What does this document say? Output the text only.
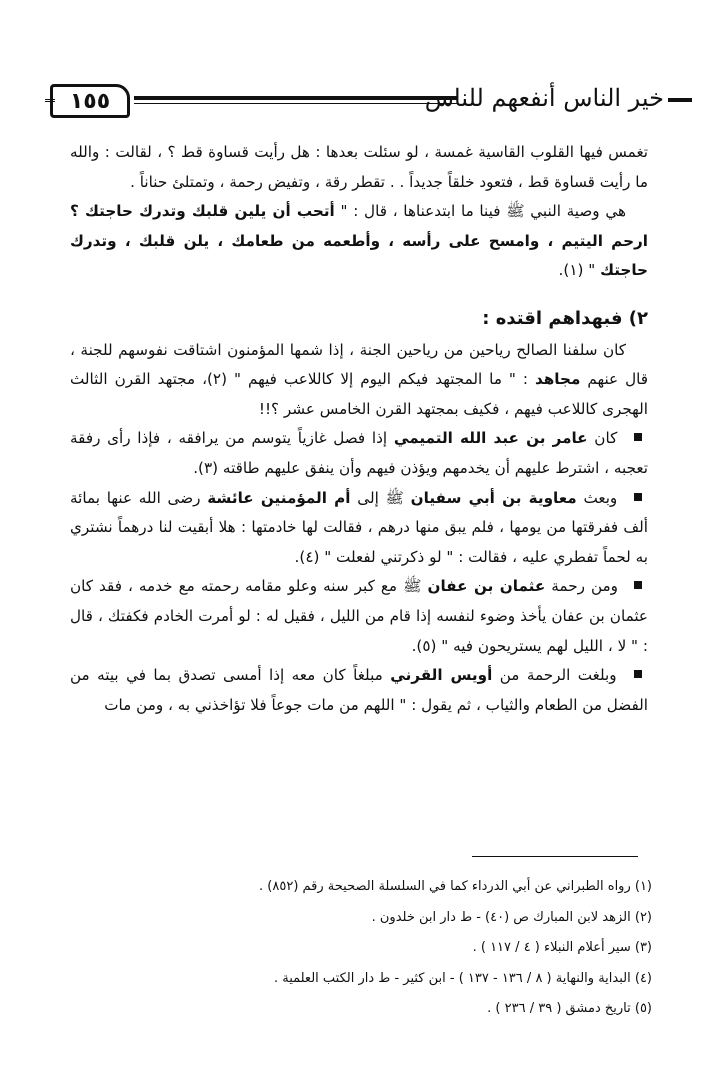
١٥٥	خير الناس أنفعهم للناس

تغمس فيها القلوب القاسية غمسة ، لو سئلت بعدها : هل رأيت قساوة قط ؟ ، لقالت : والله ما رأيت قساوة قط ، فتعود خلقاً جديداً . . تقطر رقة ، وتفيض رحمة ، وتمتلئ حناناً .

هي وصية النبي ﷺ فينا ما ابتدعناها ، قال : " أتحب أن يلين قلبك وتدرك حاجتك ؟ ارحم اليتيم ، وامسح على رأسه ، وأطعمه من طعامك ، يلن قلبك ، وتدرك حاجتك " (١).

٢) فبهداهم اقتده :

كان سلفنا الصالح رياحين من رياحين الجنة ، إذا شمها المؤمنون اشتاقت نفوسهم للجنة ، قال عنهم مجاهد : " ما المجتهد فيكم اليوم إلا كاللاعب فيهم " (٢)، مجتهد القرن الثالث الهجرى كاللاعب فيهم ، فكيف بمجتهد القرن الخامس عشر ؟!!

كان عامر بن عبد الله التميمي إذا فصل غازياً يتوسم من يرافقه ، فإذا رأى رفقة تعجبه ، اشترط عليهم أن يخدمهم ويؤذن فيهم وأن ينفق عليهم طاقته (٣).

وبعث معاوية بن أبي سفيان ﷺ إلى أم المؤمنين عائشة رضى الله عنها بمائة ألف ففرقتها من يومها ، فلم يبق منها درهم ، فقالت لها خادمتها : هلا أبقيت لنا درهماً نشتري به لحماً تفطري عليه ، فقالت : " لو ذكرتني لفعلت " (٤).

ومن رحمة عثمان بن عفان ﷺ مع كبر سنه وعلو مقامه رحمته مع خدمه ، فقد كان عثمان بن عفان يأخذ وضوء لنفسه إذا قام من الليل ، فقيل له : لو أمرت الخادم فكفتك ، قال : " لا ، الليل لهم يستريحون فيه " (٥).

وبلغت الرحمة من أويس القرني مبلغاً كان معه إذا أمسى تصدق بما في بيته من الفضل من الطعام والثياب ، ثم يقول : " اللهم من مات جوعاً فلا تؤاخذني به ، ومن مات

(١) رواه الطبراني عن أبي الدرداء كما في السلسلة الصحيحة رقم (٨٥٢) .
(٢) الزهد لابن المبارك ص (٤٠) - ط دار ابن خلدون .
(٣) سير أعلام النبلاء ( ٤ / ١١٧ ) .
(٤) البداية والنهاية ( ٨ / ١٣٦ - ١٣٧ ) - ابن كثير - ط دار الكتب العلمية .
(٥) تاريخ دمشق ( ٣٩ / ٢٣٦ ) .
